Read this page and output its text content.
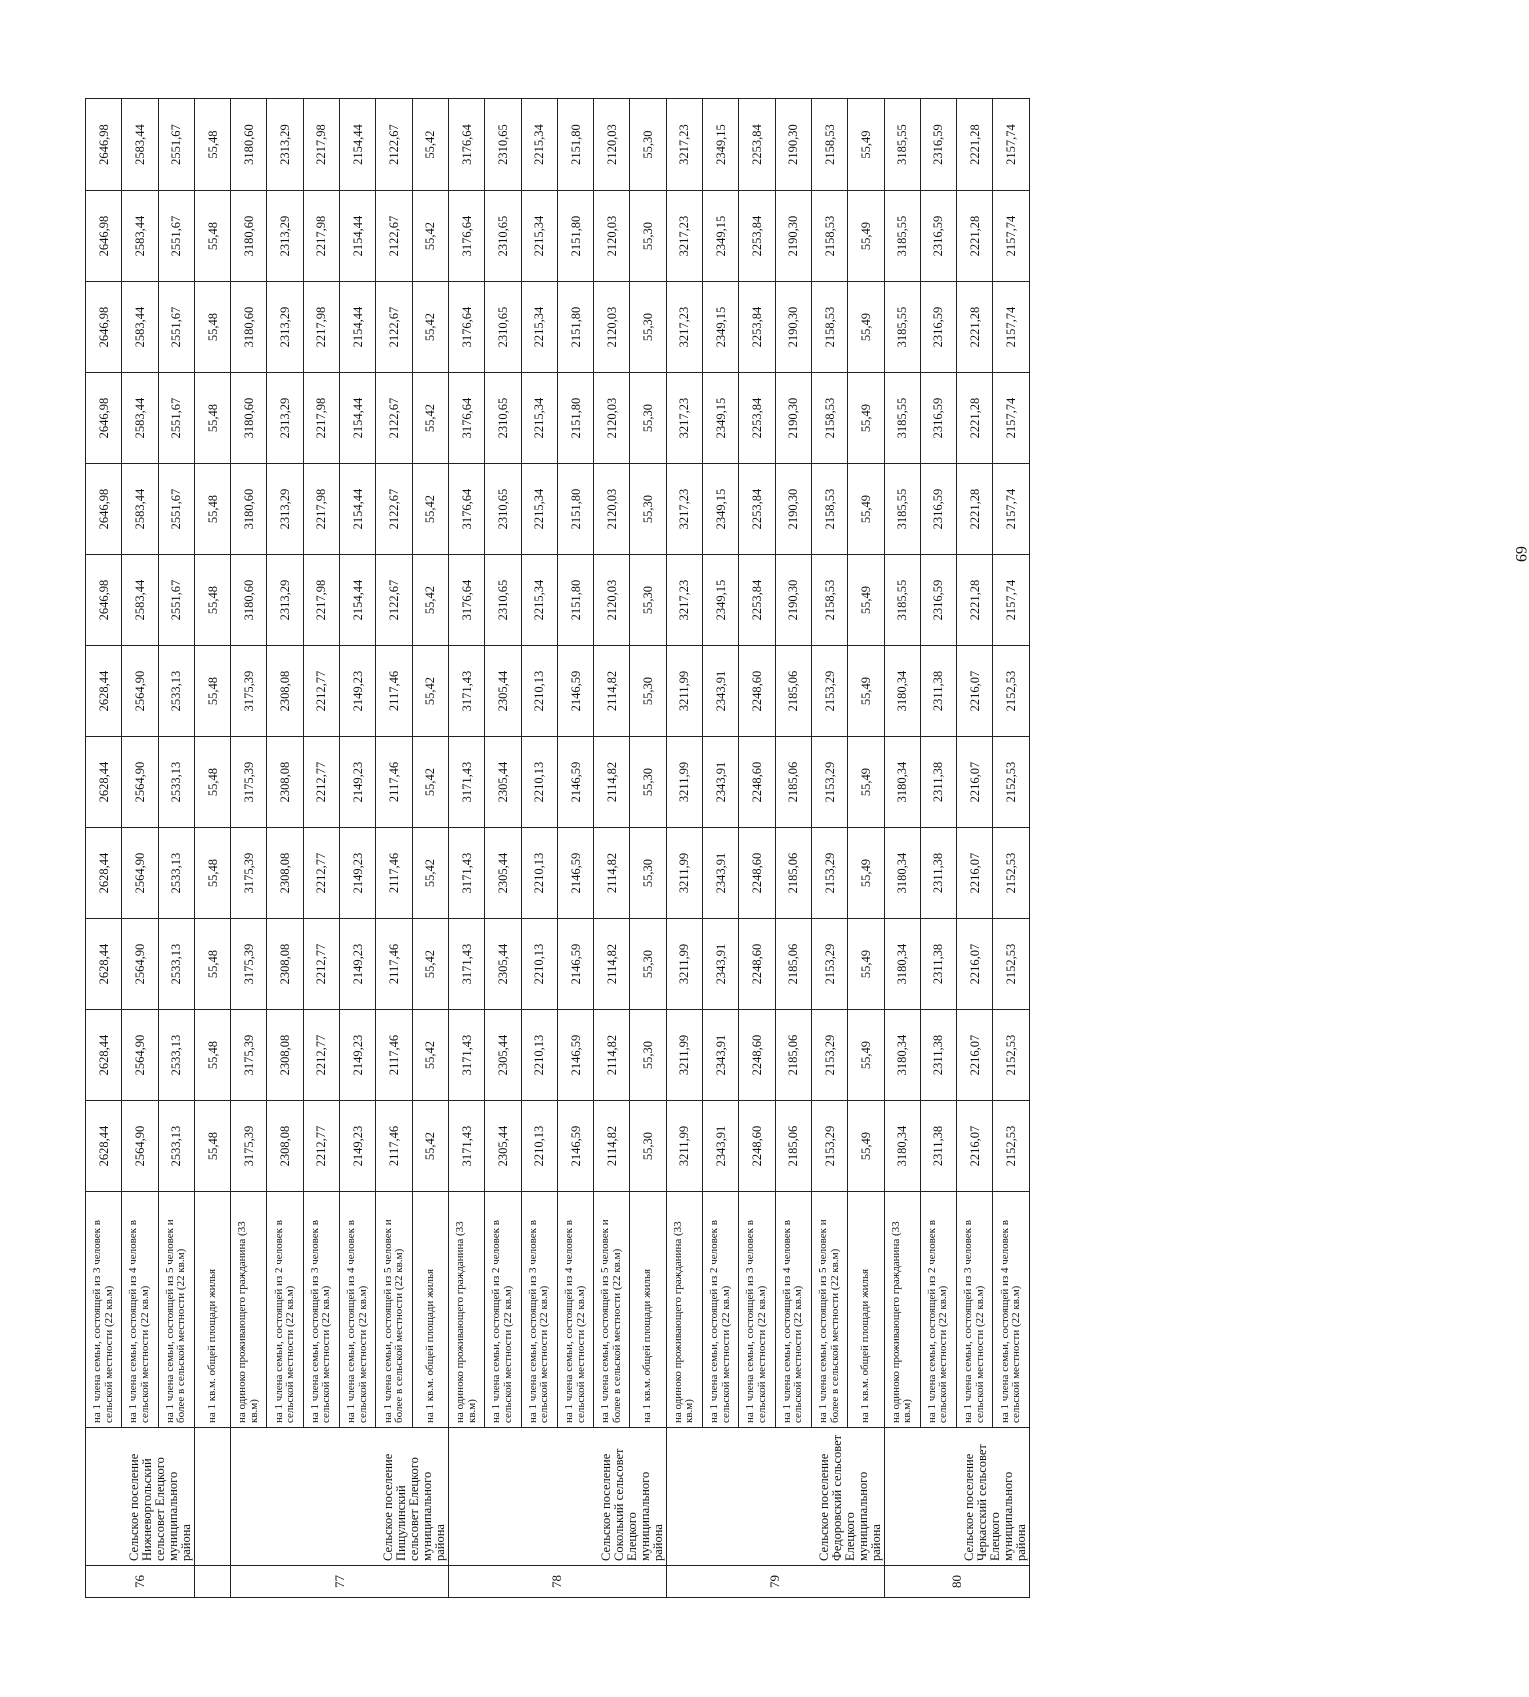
76	Сельское поселение Нижневоргольский сельсовет Елецкого муниципального района	на 1 члена семьи, состоящей из 3 человек в сельской местности (22 кв.м)	2628,44	2628,44	2628,44	2628,44	2628,44	2628,44	2646,98	2646,98	2646,98	2646,98	2646,98	2646,98
		на 1 члена семьи, состоящей из 4 человек в сельской местности (22 кв.м)	2564,90	2564,90	2564,90	2564,90	2564,90	2564,90	2583,44	2583,44	2583,44	2583,44	2583,44	2583,44
		на 1 члена семьи, состоящей из 5 человек и более в сельской местности (22 кв.м)	2533,13	2533,13	2533,13	2533,13	2533,13	2533,13	2551,67	2551,67	2551,67	2551,67	2551,67	2551,67
		на 1 кв.м. общей площади жилья	55,48	55,48	55,48	55,48	55,48	55,48	55,48	55,48	55,48	55,48	55,48	55,48
77	Сельское поселение Пищулинский сельсовет Елецкого муниципального района	на одиноко проживающего гражданина (33 кв.м)	3175,39	3175,39	3175,39	3175,39	3175,39	3175,39	3180,60	3180,60	3180,60	3180,60	3180,60	3180,60
		на 1 члена семьи, состоящей из 2 человек в сельской местности (22 кв.м)	2308,08	2308,08	2308,08	2308,08	2308,08	2308,08	2313,29	2313,29	2313,29	2313,29	2313,29	2313,29
		на 1 члена семьи, состоящей из 3 человек в сельской местности (22 кв.м)	2212,77	2212,77	2212,77	2212,77	2212,77	2212,77	2217,98	2217,98	2217,98	2217,98	2217,98	2217,98
		на 1 члена семьи, состоящей из 4 человек в сельской местности (22 кв.м)	2149,23	2149,23	2149,23	2149,23	2149,23	2149,23	2154,44	2154,44	2154,44	2154,44	2154,44	2154,44
		на 1 члена семьи, состоящей из 5 человек и более в сельской местности (22 кв.м)	2117,46	2117,46	2117,46	2117,46	2117,46	2117,46	2122,67	2122,67	2122,67	2122,67	2122,67	2122,67
		на 1 кв.м. общей площади жилья	55,42	55,42	55,42	55,42	55,42	55,42	55,42	55,42	55,42	55,42	55,42	55,42
78	Сельское поселение Соколький сельсовет Елецкого муниципального района	на одиноко проживающего гражданина (33 кв.м)	3171,43	3171,43	3171,43	3171,43	3171,43	3171,43	3176,64	3176,64	3176,64	3176,64	3176,64	3176,64
		на 1 члена семьи, состоящей из 2 человек в сельской местности (22 кв.м)	2305,44	2305,44	2305,44	2305,44	2305,44	2305,44	2310,65	2310,65	2310,65	2310,65	2310,65	2310,65
		на 1 члена семьи, состоящей из 3 человек в сельской местности (22 кв.м)	2210,13	2210,13	2210,13	2210,13	2210,13	2210,13	2215,34	2215,34	2215,34	2215,34	2215,34	2215,34
		на 1 члена семьи, состоящей из 4 человек в сельской местности (22 кв.м)	2146,59	2146,59	2146,59	2146,59	2146,59	2146,59	2151,80	2151,80	2151,80	2151,80	2151,80	2151,80
		на 1 члена семьи, состоящей из 5 человек и более в сельской местности (22 кв.м)	2114,82	2114,82	2114,82	2114,82	2114,82	2114,82	2120,03	2120,03	2120,03	2120,03	2120,03	2120,03
		на 1 кв.м. общей площади жилья	55,30	55,30	55,30	55,30	55,30	55,30	55,30	55,30	55,30	55,30	55,30	55,30
79	Сельское поселение Федоровский сельсовет Елецкого муниципального района	на одиноко проживающего гражданина (33 кв.м)	3211,99	3211,99	3211,99	3211,99	3211,99	3211,99	3217,23	3217,23	3217,23	3217,23	3217,23	3217,23
		на 1 члена семьи, состоящей из 2 человек в сельской местности (22 кв.м)	2343,91	2343,91	2343,91	2343,91	2343,91	2343,91	2349,15	2349,15	2349,15	2349,15	2349,15	2349,15
		на 1 члена семьи, состоящей из 3 человек в сельской местности (22 кв.м)	2248,60	2248,60	2248,60	2248,60	2248,60	2248,60	2253,84	2253,84	2253,84	2253,84	2253,84	2253,84
		на 1 члена семьи, состоящей из 4 человек в сельской местности (22 кв.м)	2185,06	2185,06	2185,06	2185,06	2185,06	2185,06	2190,30	2190,30	2190,30	2190,30	2190,30	2190,30
		на 1 члена семьи, состоящей из 5 человек и более в сельской местности (22 кв.м)	2153,29	2153,29	2153,29	2153,29	2153,29	2153,29	2158,53	2158,53	2158,53	2158,53	2158,53	2158,53
		на 1 кв.м. общей площади жилья	55,49	55,49	55,49	55,49	55,49	55,49	55,49	55,49	55,49	55,49	55,49	55,49
80	Сельское поселение Черкасский сельсовет Елецкого муниципального района	на одиноко проживающего гражданина (33 кв.м)	3180,34	3180,34	3180,34	3180,34	3180,34	3180,34	3185,55	3185,55	3185,55	3185,55	3185,55	3185,55
		на 1 члена семьи, состоящей из 2 человек в сельской местности (22 кв.м)	2311,38	2311,38	2311,38	2311,38	2311,38	2311,38	2316,59	2316,59	2316,59	2316,59	2316,59	2316,59
		на 1 члена семьи, состоящей из 3 человек в сельской местности (22 кв.м)	2216,07	2216,07	2216,07	2216,07	2216,07	2216,07	2221,28	2221,28	2221,28	2221,28	2221,28	2221,28
		на 1 члена семьи, состоящей из 4 человек в сельской местности (22 кв.м)	2152,53	2152,53	2152,53	2152,53	2152,53	2152,53	2157,74	2157,74	2157,74	2157,74	2157,74	2157,74
69
